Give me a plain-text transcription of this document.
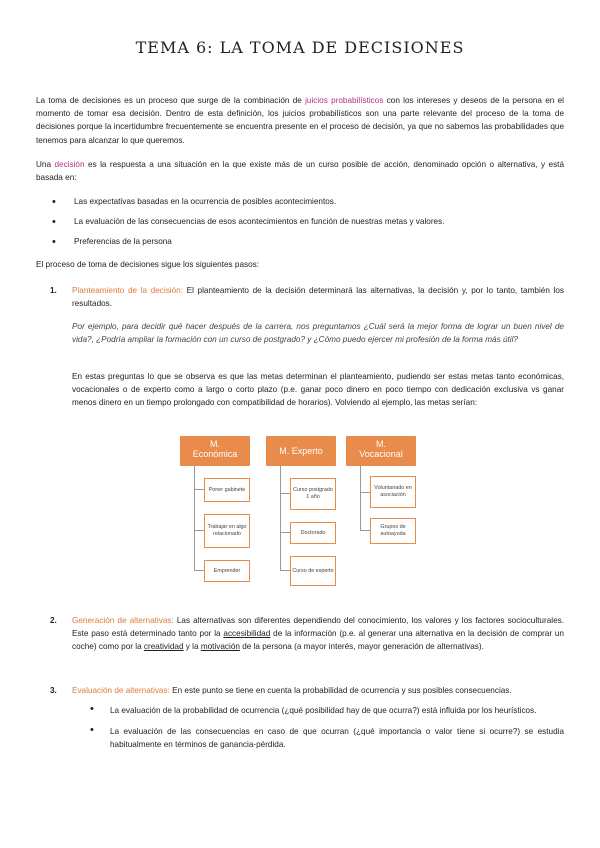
TEMA 6: LA TOMA DE DECISIONES
La toma de decisiones es un proceso que surge de la combinación de juicios probabilísticos con los intereses y deseos de la persona en el momento de tomar esa decisión. Dentro de esta definición, los juicios probabilísticos son una parte relevante del proceso de la toma de decisiones porque la incertidumbre frecuentemente se encuentra presente en el proceso de decisión, ya que no sabemos las probabilidades que tenemos para alcanzar lo que queremos.
Una decisión es la respuesta a una situación en la que existe más de un curso posible de acción, denominado opción o alternativa, y está basada en:
• Las expectativas basadas en la ocurrencia de posibles acontecimientos.
• La evaluación de las consecuencias de esos acontecimientos en función de nuestras metas y valores.
• Preferencias de la persona
El proceso de toma de decisiones sigue los siguientes pasos:
1. Planteamiento de la decisión: El planteamiento de la decisión determinará las alternativas, la decisión y, por lo tanto, también los resultados.
Por ejemplo, para decidir qué hacer después de la carrera, nos preguntamos ¿Cuál será la mejor forma de lograr un buen nivel de vida?, ¿Podría ampliar la formación con un curso de postgrado? y ¿Cómo puedo ejercer mi profesión de la forma más útil?
En estas preguntas lo que se observa es que las metas determinan el planteamiento, pudiendo ser estas metas tanto económicas, vocacionales o de experto como a largo o corto plazo (p.e. ganar poco dinero en poco tiempo con dedicación exclusiva vs ganar menos dinero en un tiempo prolongado con compatibilidad de horarios). Volviendo al ejemplo, las metas serían:
M.
Económica
Poner gabinete
Trabajar en algo relacionado
Emprender
M. Experto
Curso postgrado 1 año
Doctorado
Curso de experto
M.
Vocacional
Voluntariado en asociación
Grupos de autoayuda
2. Generación de alternativas: Las alternativas son diferentes dependiendo del conocimiento, los valores y los factores socioculturales. Este paso está determinado tanto por la accesibilidad de la información (p.e. al generar una alternativa en la decisión de comprar un coche) como por la creatividad y la motivación de la persona (a mayor interés, mayor generación de alternativas).
3. Evaluación de alternativas: En este punto se tiene en cuenta la probabilidad de ocurrencia y sus posibles consecuencias.
• La evaluación de la probabilidad de ocurrencia (¿qué posibilidad hay de que ocurra?) está influida por los heurísticos.
• La evaluación de las consecuencias en caso de que ocurran (¿qué importancia o valor tiene si ocurre?) se estudia habitualmente en términos de ganancia-pérdida.
